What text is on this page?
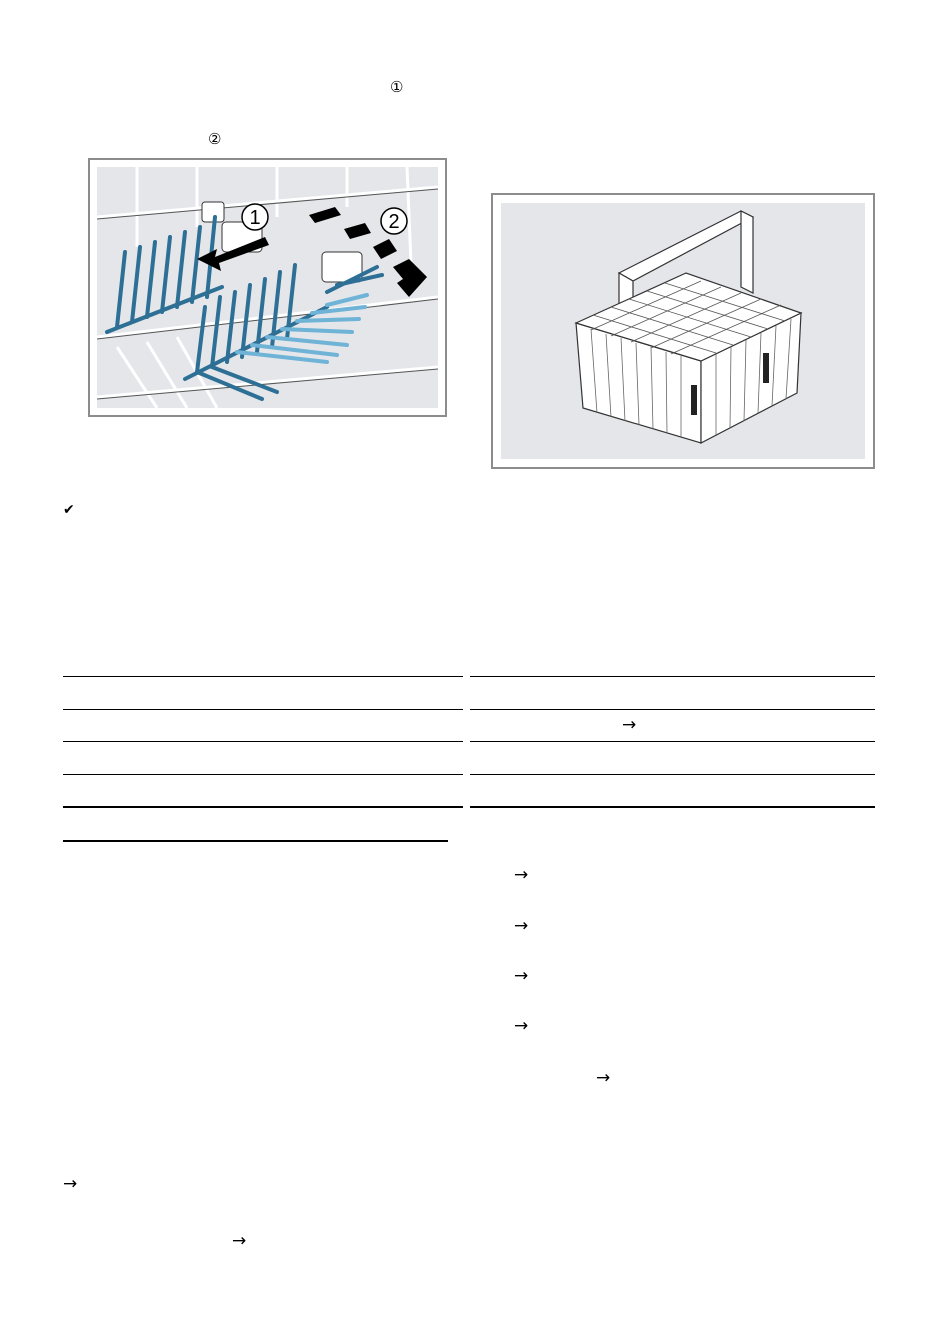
①
②
1	2
✔
→
→
→
→
→
→
→
→
